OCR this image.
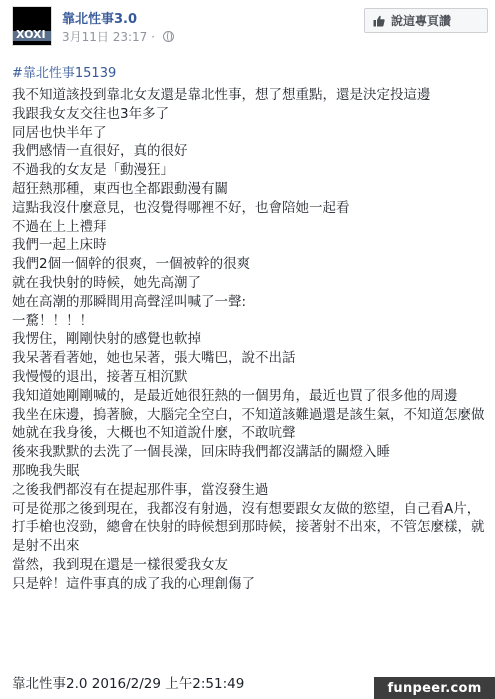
XOXI
靠北性事3.0
3月11日 23:17 ·
說這專頁讚
#靠北性事15139
我不知道該投到靠北女友還是靠北性事，想了想重點，還是決定投這邊
我跟我女友交往也3年多了
同居也快半年了
我們感情一直很好，真的很好
不過我的女友是「動漫狂」
超狂熱那種，東西也全都跟動漫有關
這點我沒什麼意見，也沒覺得哪裡不好，也會陪她一起看
不過在上上禮拜
我們一起上床時
我們2個一個幹的很爽，一個被幹的很爽
就在我快射的時候，她先高潮了
她在高潮的那瞬間用高聲淫叫喊了一聲:
一騖！！！！
我愣住，剛剛快射的感覺也軟掉
我呆著看著她，她也呆著，張大嘴巴，說不出話
我慢慢的退出，接著互相沉默
我知道她剛剛喊的，是最近她很狂熱的一個男角，最近也買了很多他的周邊
我坐在床邊，摀著臉，大腦完全空白，不知道該難過還是該生氣，不知道怎麼做
她就在我身後，大概也不知道說什麼，不敢吭聲
後來我默默的去洗了一個長澡，回床時我們都沒講話的關燈入睡
那晚我失眠
之後我們都沒有在提起那件事，當沒發生過
可是從那之後到現在，我都沒有射過，沒有想要跟女友做的慾望，自己看A片，打手槍也沒勁，總會在快射的時候想到那時候，接著射不出來，不管怎麼樣，就是射不出來
當然，我到現在還是一樣很愛我女友
只是幹！這件事真的成了我的心理創傷了
靠北性事2.0 2016/2/29 上午2:51:49	funpeer.com
